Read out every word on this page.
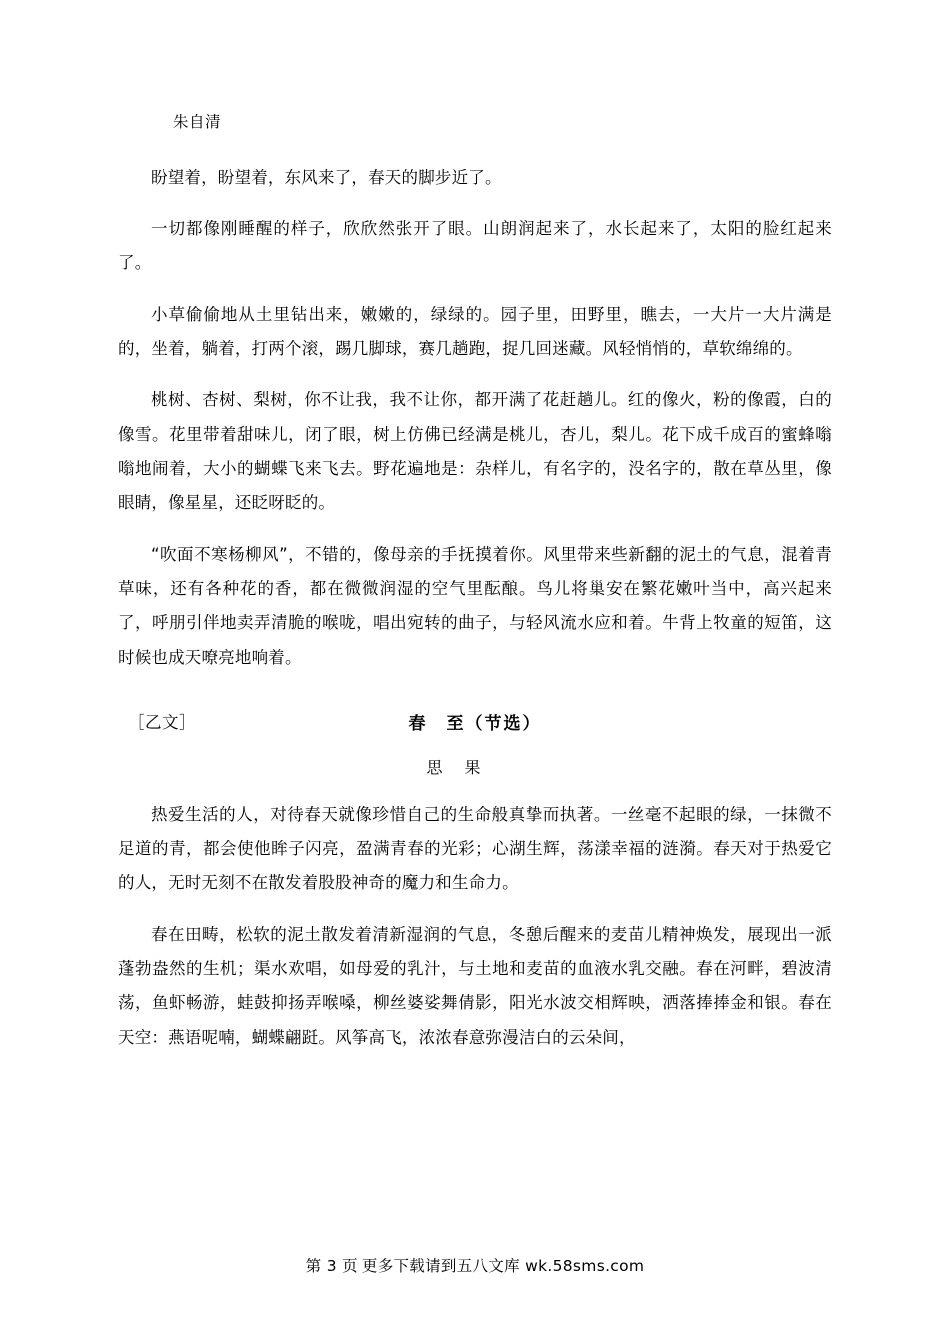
朱自清

盼望着，盼望着，东风来了，春天的脚步近了。

一切都像刚睡醒的样子，欣欣然张开了眼。山朗润起来了，水长起来了，太阳的脸红起来了。

小草偷偷地从土里钻出来，嫩嫩的，绿绿的。园子里，田野里，瞧去，一大片一大片满是的，坐着，躺着，打两个滚，踢几脚球，赛几趟跑，捉几回迷藏。风轻悄悄的，草软绵绵的。

桃树、杏树、梨树，你不让我，我不让你，都开满了花赶趟儿。红的像火，粉的像霞，白的像雪。花里带着甜味儿，闭了眼，树上仿佛已经满是桃儿，杏儿，梨儿。花下成千成百的蜜蜂嗡嗡地闹着，大小的蝴蝶飞来飞去。野花遍地是：杂样儿，有名字的，没名字的，散在草丛里，像眼睛，像星星，还眨呀眨的。

“吹面不寒杨柳风”，不错的，像母亲的手抚摸着你。风里带来些新翻的泥土的气息，混着青草味，还有各种花的香，都在微微润湿的空气里酝酿。鸟儿将巢安在繁花嫩叶当中，高兴起来了，呼朋引伴地卖弄清脆的喉咙，唱出宛转的曲子，与轻风流水应和着。牛背上牧童的短笛，这时候也成天嘹亮地响着。

［乙文］	春　至（节选）
思　果

热爱生活的人，对待春天就像珍惜自己的生命般真挚而执著。一丝毫不起眼的绿，一抹微不足道的青，都会使他眸子闪亮，盈满青春的光彩；心湖生辉，荡漾幸福的涟漪。春天对于热爱它的人，无时无刻不在散发着股股神奇的魔力和生命力。

春在田畴，松软的泥土散发着清新湿润的气息，冬憩后醒来的麦苗儿精神焕发，展现出一派蓬勃盎然的生机；渠水欢唱，如母爱的乳汁，与土地和麦苗的血液水乳交融。春在河畔，碧波清荡，鱼虾畅游，蛙鼓抑扬弄喉嗓，柳丝婆娑舞倩影，阳光水波交相辉映，洒落捧捧金和银。春在天空：燕语呢喃，蝴蝶翩跹。风筝高飞，浓浓春意弥漫洁白的云朵间，

第 3 页 更多下载请到五八文库 wk.58sms.com
